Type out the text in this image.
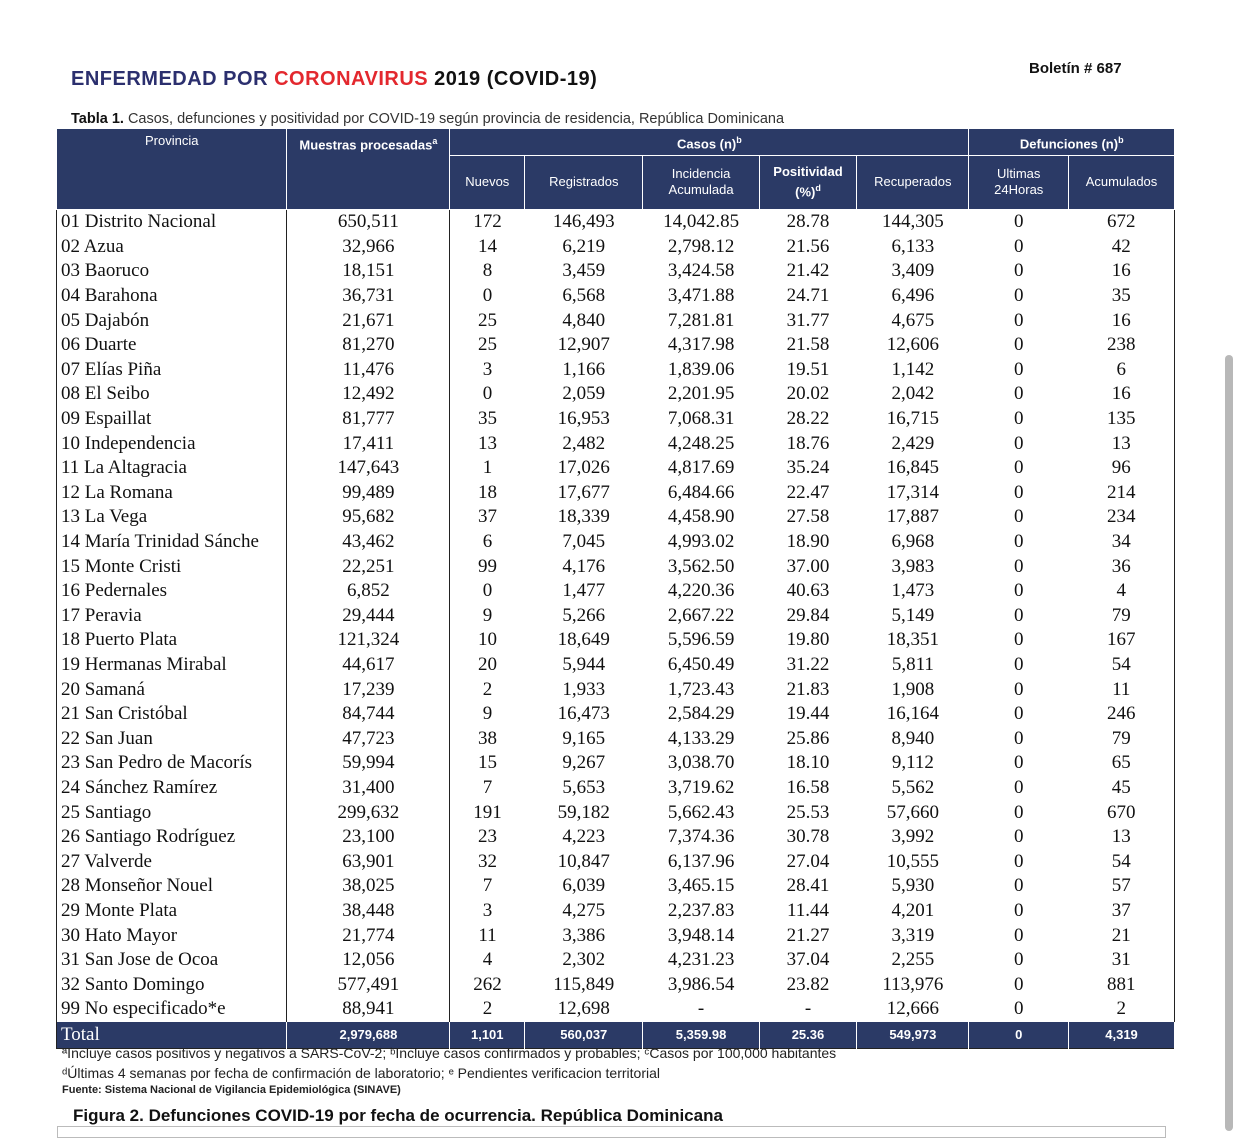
Boletín # 687
ENFERMEDAD POR CORONAVIRUS 2019 (COVID-19)
Tabla 1. Casos, defunciones y positividad por COVID-19 según provincia de residencia, República Dominicana
Provincia	Muestras procesadas$^a$	Casos $(n)^b$					Defunciones $(n)^b$
		Nuevos	Registrados	Incidencia Acumulada	Positividad (%)$^d$	Recuperados	Ultimas 24Horas	Acumulados
01 Distrito Nacional	650,511	172	146,493	14,042.85	28.78	144,305	0	672
02 Azua	32,966	14	6,219	2,798.12	21.56	6,133	0	42
03 Baoruco	18,151	8	3,459	3,424.58	21.42	3,409	0	16
04 Barahona	36,731	0	6,568	3,471.88	24.71	6,496	0	35
05 Dajabón	21,671	25	4,840	7,281.81	31.77	4,675	0	16
06 Duarte	81,270	25	12,907	4,317.98	21.58	12,606	0	238
07 Elías Piña	11,476	3	1,166	1,839.06	19.51	1,142	0	6
08 El Seibo	12,492	0	2,059	2,201.95	20.02	2,042	0	16
09 Espaillat	81,777	35	16,953	7,068.31	28.22	16,715	0	135
10 Independencia	17,411	13	2,482	4,248.25	18.76	2,429	0	13
11 La Altagracia	147,643	1	17,026	4,817.69	35.24	16,845	0	96
12 La Romana	99,489	18	17,677	6,484.66	22.47	17,314	0	214
13 La Vega	95,682	37	18,339	4,458.90	27.58	17,887	0	234
14 María Trinidad Sánche	43,462	6	7,045	4,993.02	18.90	6,968	0	34
15 Monte Cristi	22,251	99	4,176	3,562.50	37.00	3,983	0	36
16 Pedernales	6,852	0	1,477	4,220.36	40.63	1,473	0	4
17 Peravia	29,444	9	5,266	2,667.22	29.84	5,149	0	79
18 Puerto Plata	121,324	10	18,649	5,596.59	19.80	18,351	0	167
19 Hermanas Mirabal	44,617	20	5,944	6,450.49	31.22	5,811	0	54
20 Samaná	17,239	2	1,933	1,723.43	21.83	1,908	0	11
21 San Cristóbal	84,744	9	16,473	2,584.29	19.44	16,164	0	246
22 San Juan	47,723	38	9,165	4,133.29	25.86	8,940	0	79
23 San Pedro de Macorís	59,994	15	9,267	3,038.70	18.10	9,112	0	65
24 Sánchez Ramírez	31,400	7	5,653	3,719.62	16.58	5,562	0	45
25 Santiago	299,632	191	59,182	5,662.43	25.53	57,660	0	670
26 Santiago Rodríguez	23,100	23	4,223	7,374.36	30.78	3,992	0	13
27 Valverde	63,901	32	10,847	6,137.96	27.04	10,555	0	54
28 Monseñor Nouel	38,025	7	6,039	3,465.15	28.41	5,930	0	57
29 Monte Plata	38,448	3	4,275	2,237.83	11.44	4,201	0	37
30 Hato Mayor	21,774	11	3,386	3,948.14	21.27	3,319	0	21
31 San Jose de Ocoa	12,056	4	2,302	4,231.23	37.04	2,255	0	31
32 Santo Domingo	577,491	262	115,849	3,986.54	23.82	113,976	0	881
99 No especificado*e	88,941	2	12,698	-	-	12,666	0	2
Total	2,979,688	1,101	560,037	5,359.98	25.36	549,973	0	4,319
ªIncluye casos positivos y negativos a SARS-CoV-2; ᵇIncluye casos confirmados y probables; ᶜCasos por 100,000 habitantes
ᵈÚltimas 4 semanas por fecha de confirmación de laboratorio; ᵉ Pendientes verificacion territorial
Fuente: Sistema Nacional de Vigilancia Epidemiológica (SINAVE)
Figura 2. Defunciones COVID-19 por fecha de ocurrencia. República Dominicana
